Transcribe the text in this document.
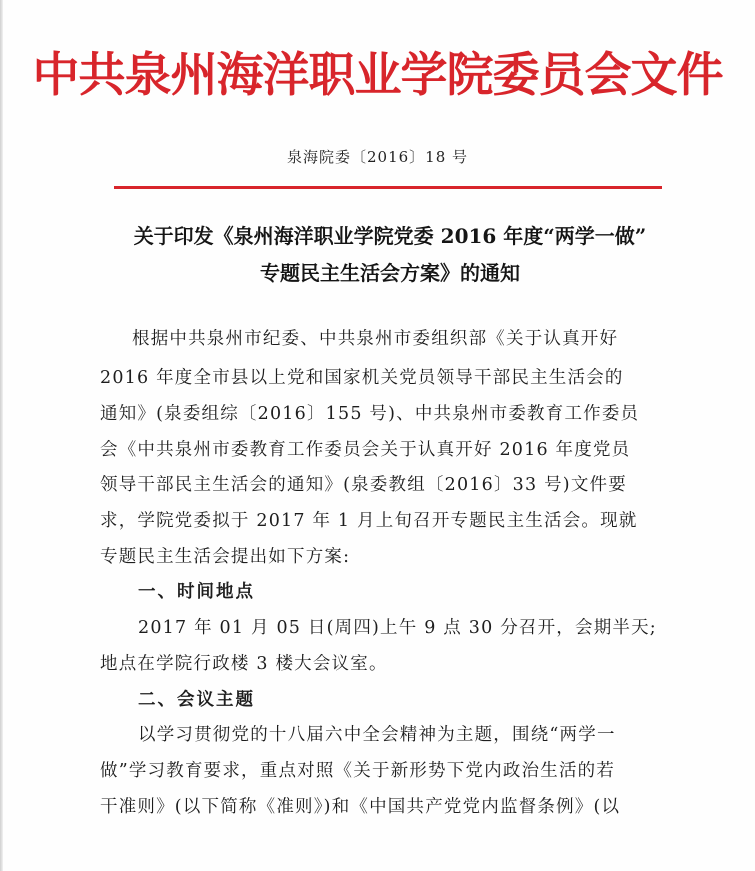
中共泉州海洋职业学院委员会文件
泉海院委〔2016〕18 号
关于印发《泉州海洋职业学院党委 2016 年度“两学一做”
专题民主生活会方案》的通知
根据中共泉州市纪委、中共泉州市委组织部《关于认真开好
2016 年度全市县以上党和国家机关党员领导干部民主生活会的
通知》(泉委组综〔2016〕155 号)、中共泉州市委教育工作委员
会《中共泉州市委教育工作委员会关于认真开好 2016 年度党员
领导干部民主生活会的通知》(泉委教组〔2016〕33 号)文件要
求，学院党委拟于 2017 年 1 月上旬召开专题民主生活会。现就
专题民主生活会提出如下方案:
一、时间地点
2017 年 01 月 05 日(周四)上午 9 点 30 分召开，会期半天;
地点在学院行政楼 3 楼大会议室。
二、会议主题
以学习贯彻党的十八届六中全会精神为主题，围绕“两学一
做”学习教育要求，重点对照《关于新形势下党内政治生活的若
干准则》(以下简称《准则》)和《中国共产党党内监督条例》(以
